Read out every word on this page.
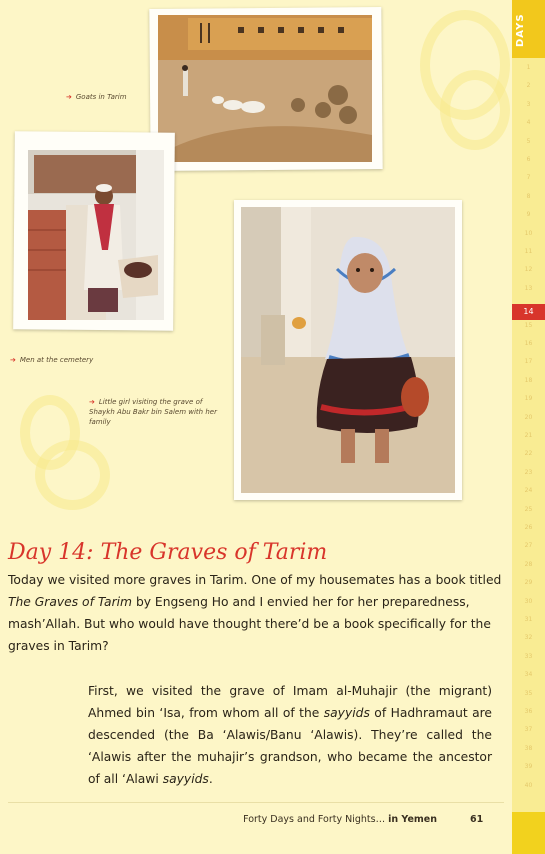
➔ Goats in Tarim
➔ Men at the cemetery
➔ Little girl visiting the grave of Shaykh Abu Bakr bin Salem with her family
DAYS
1
2
3
4
5
6
7
8
9
10
11
12
13
15
16
17
18
19
20
21
22
23
24
25
26
27
28
29
30
31
32
33
34
35
36
37
38
39
40
14
Day 14: The Graves of Tarim
Today we visited more graves in Tarim. One of my housemates has a book titled The Graves of Tarim by Engseng Ho and I envied her for her preparedness, mash’Allah. But who would have thought there’d be a book specifically for the graves in Tarim?
First, we visited the grave of Imam al-Muhajir (the migrant) Ahmed bin ‘Isa, from whom all of the sayyids of Hadhramaut are descended (the Ba ‘Alawis/Banu ‘Alawis). They’re called the ‘Alawis after the muhajir’s grandson, who became the ancestor of all ‘Alawi sayyids.
Forty Days and Forty Nights… in Yemen	61
